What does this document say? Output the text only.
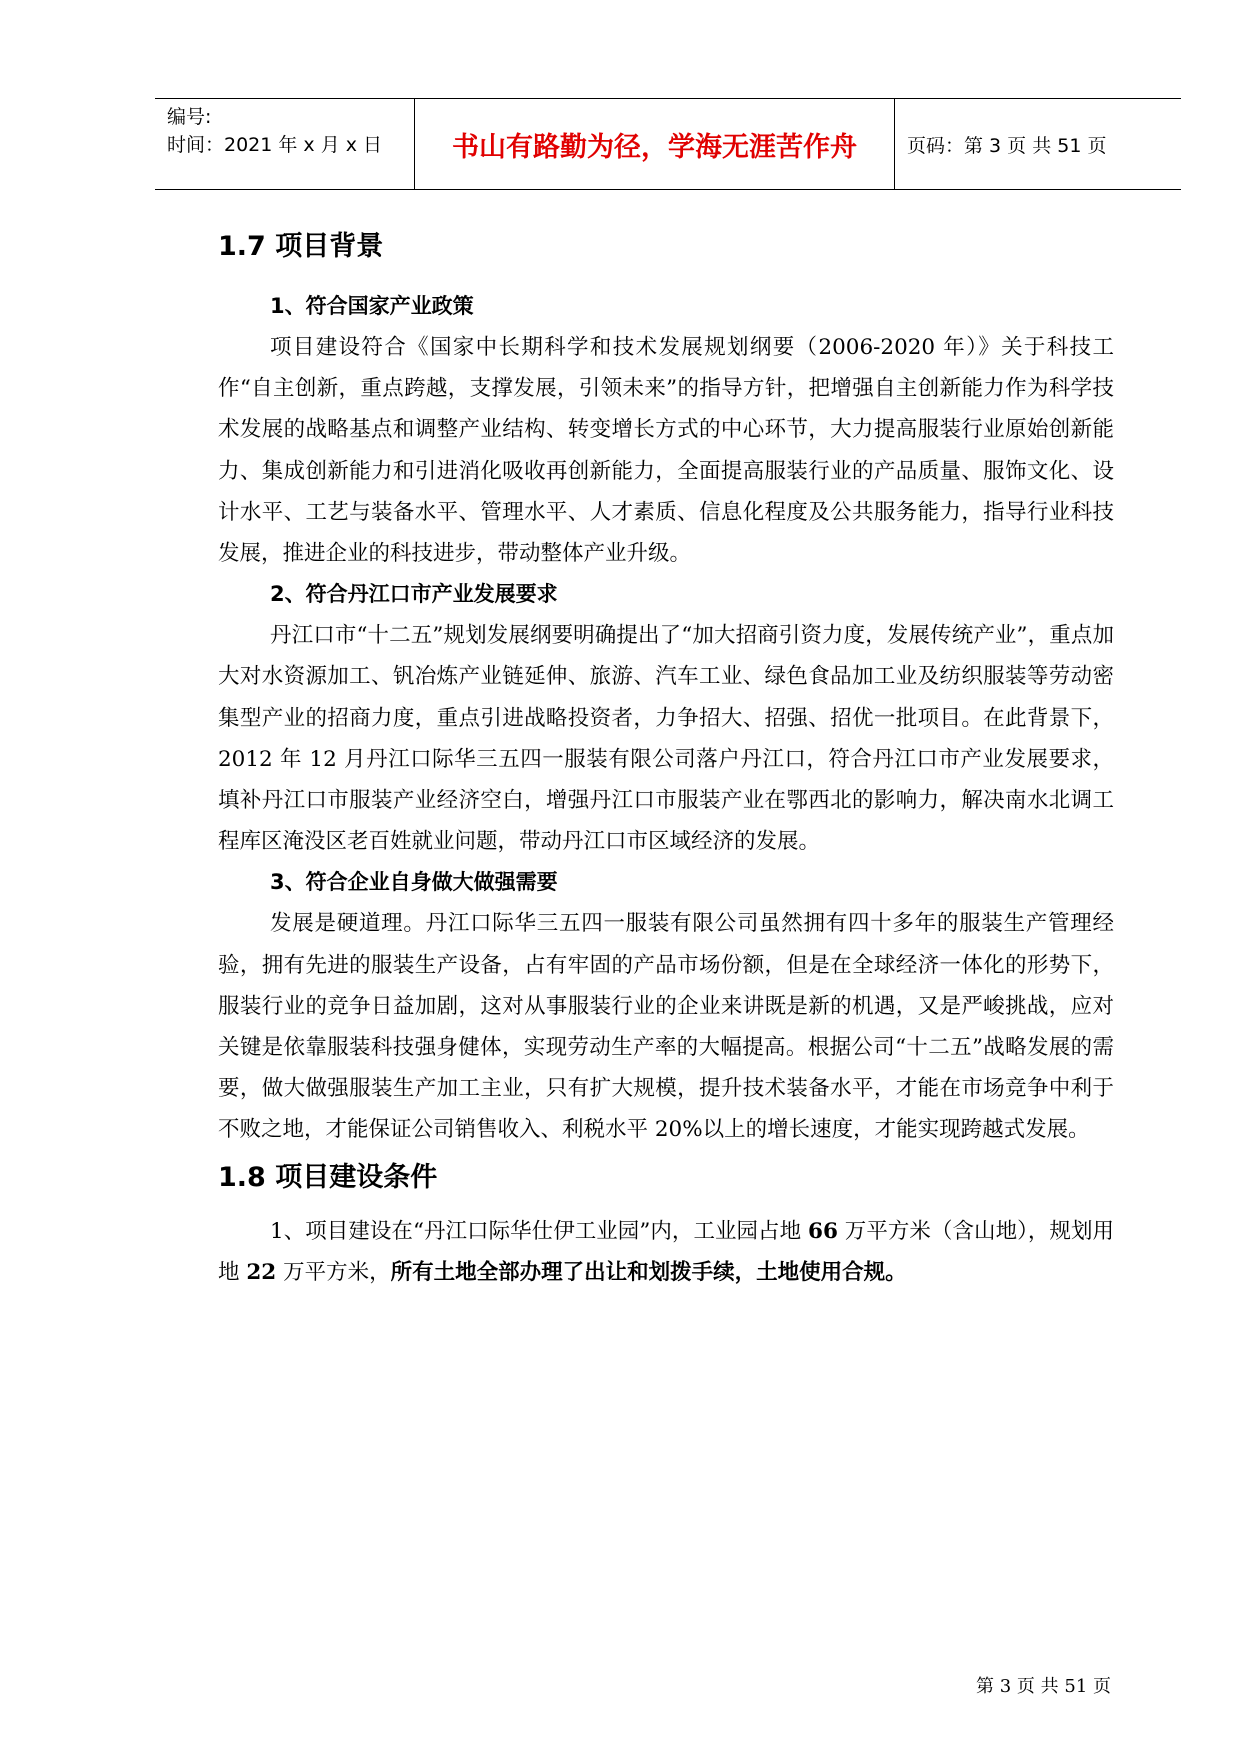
编号:
时间：2021 年 x 月 x 日	书山有路勤为径，学海无涯苦作舟	页码：第 3 页 共 51 页
1.7 项目背景
1、符合国家产业政策

项目建设符合《国家中长期科学和技术发展规划纲要（2006-2020 年）》关于科技工作“自主创新，重点跨越，支撑发展，引领未来”的指导方针，把增强自主创新能力作为科学技术发展的战略基点和调整产业结构、转变增长方式的中心环节，大力提高服装行业原始创新能力、集成创新能力和引进消化吸收再创新能力，全面提高服装行业的产品质量、服饰文化、设计水平、工艺与装备水平、管理水平、人才素质、信息化程度及公共服务能力，指导行业科技发展，推进企业的科技进步，带动整体产业升级。

2、符合丹江口市产业发展要求

丹江口市“十二五”规划发展纲要明确提出了“加大招商引资力度，发展传统产业”，重点加大对水资源加工、钒冶炼产业链延伸、旅游、汽车工业、绿色食品加工业及纺织服装等劳动密集型产业的招商力度，重点引进战略投资者，力争招大、招强、招优一批项目。在此背景下，2012 年 12 月丹江口际华三五四一服装有限公司落户丹江口，符合丹江口市产业发展要求，填补丹江口市服装产业经济空白，增强丹江口市服装产业在鄂西北的影响力，解决南水北调工程库区淹没区老百姓就业问题，带动丹江口市区域经济的发展。

3、符合企业自身做大做强需要

发展是硬道理。丹江口际华三五四一服装有限公司虽然拥有四十多年的服装生产管理经验，拥有先进的服装生产设备，占有牢固的产品市场份额，但是在全球经济一体化的形势下，服装行业的竞争日益加剧，这对从事服装行业的企业来讲既是新的机遇，又是严峻挑战，应对关键是依靠服装科技强身健体，实现劳动生产率的大幅提高。根据公司“十二五”战略发展的需要，做大做强服装生产加工主业，只有扩大规模，提升技术装备水平，才能在市场竞争中利于不败之地，才能保证公司销售收入、利税水平 20%以上的增长速度，才能实现跨越式发展。

1.8 项目建设条件

1、项目建设在“丹江口际华仕伊工业园”内，工业园占地 66 万平方米（含山地），规划用地 22 万平方米，所有土地全部办理了出让和划拨手续，土地使用合规。

第 3 页 共 51 页
